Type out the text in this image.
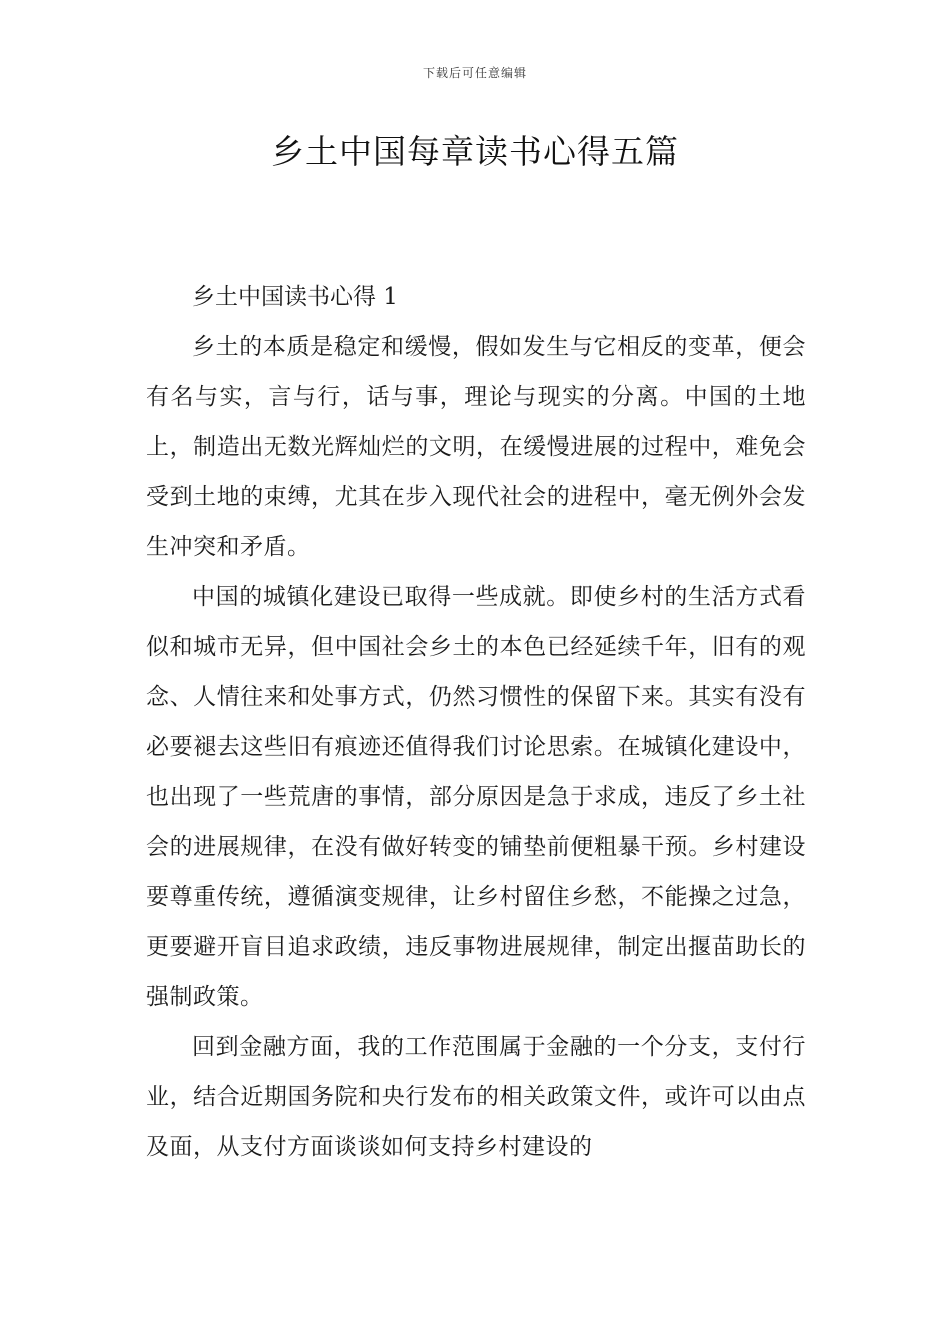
下载后可任意编辑
乡土中国每章读书心得五篇
乡土中国读书心得 1

乡土的本质是稳定和缓慢，假如发生与它相反的变革，便会有名与实，言与行，话与事，理论与现实的分离。中国的土地上，制造出无数光辉灿烂的文明，在缓慢进展的过程中，难免会受到土地的束缚，尤其在步入现代社会的进程中，毫无例外会发生冲突和矛盾。

中国的城镇化建设已取得一些成就。即使乡村的生活方式看似和城市无异，但中国社会乡土的本色已经延续千年，旧有的观念、人情往来和处事方式，仍然习惯性的保留下来。其实有没有必要褪去这些旧有痕迹还值得我们讨论思索。在城镇化建设中，也出现了一些荒唐的事情，部分原因是急于求成，违反了乡土社会的进展规律，在没有做好转变的铺垫前便粗暴干预。乡村建设要尊重传统，遵循演变规律，让乡村留住乡愁，不能操之过急，更要避开盲目追求政绩，违反事物进展规律，制定出揠苗助长的强制政策。

回到金融方面，我的工作范围属于金融的一个分支，支付行业，结合近期国务院和央行发布的相关政策文件，或许可以由点及面，从支付方面谈谈如何支持乡村建设的
